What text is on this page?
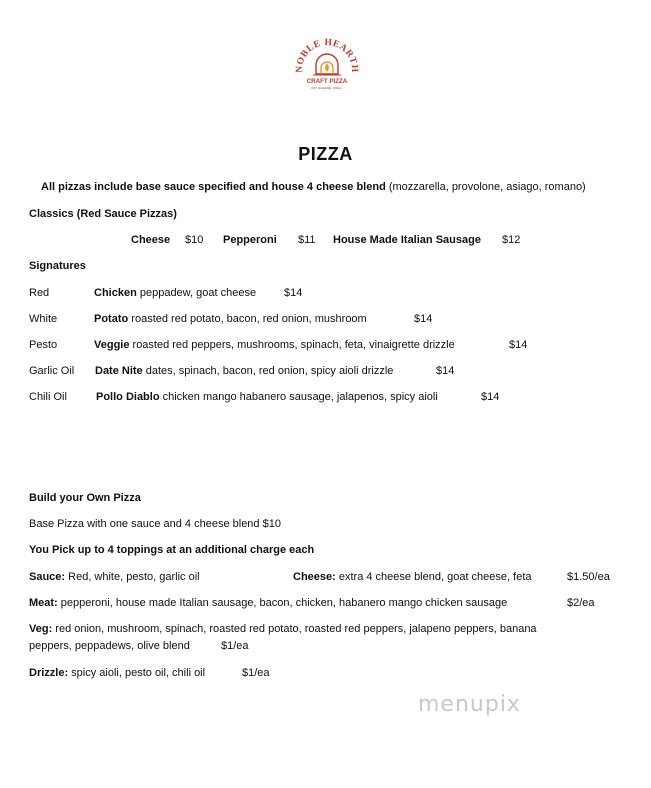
NOBLE HEARTH
CRAFT PIZZA
EST. EUGENE, OREG.
PIZZA
All pizzas include base sauce specified and house 4 cheese blend (mozzarella, provolone, asiago, romano)
Classics (Red Sauce Pizzas)
Cheese $10 Pepperoni $11 House Made Italian Sausage $12
Signatures
Red	Chicken peppadew, goat cheese	$14
White	Potato roasted red potato, bacon, red onion, mushroom	$14
Pesto	Veggie roasted red peppers, mushrooms, spinach, feta, vinaigrette drizzle	$14
Garlic Oil Date Nite dates, spinach, bacon, red onion, spicy aioli drizzle	$14
Chili Oil	Pollo Diablo chicken mango habanero sausage, jalapenos, spicy aioli	$14
Build your Own Pizza
Base Pizza with one sauce and 4 cheese blend $10
You Pick up to 4 toppings at an additional charge each
Sauce: Red, white, pesto, garlic oil	Cheese: extra 4 cheese blend, goat cheese, feta	$1.50/ea
Meat: pepperoni, house made Italian sausage, bacon, chicken, habanero mango chicken sausage	$2/ea
Veg: red onion, mushroom, spinach, roasted red potato, roasted red peppers, jalapeno peppers, banana
peppers, peppadews, olive blend	$1/ea
Drizzle: spicy aioli, pesto oil, chili oil	$1/ea
menupix
